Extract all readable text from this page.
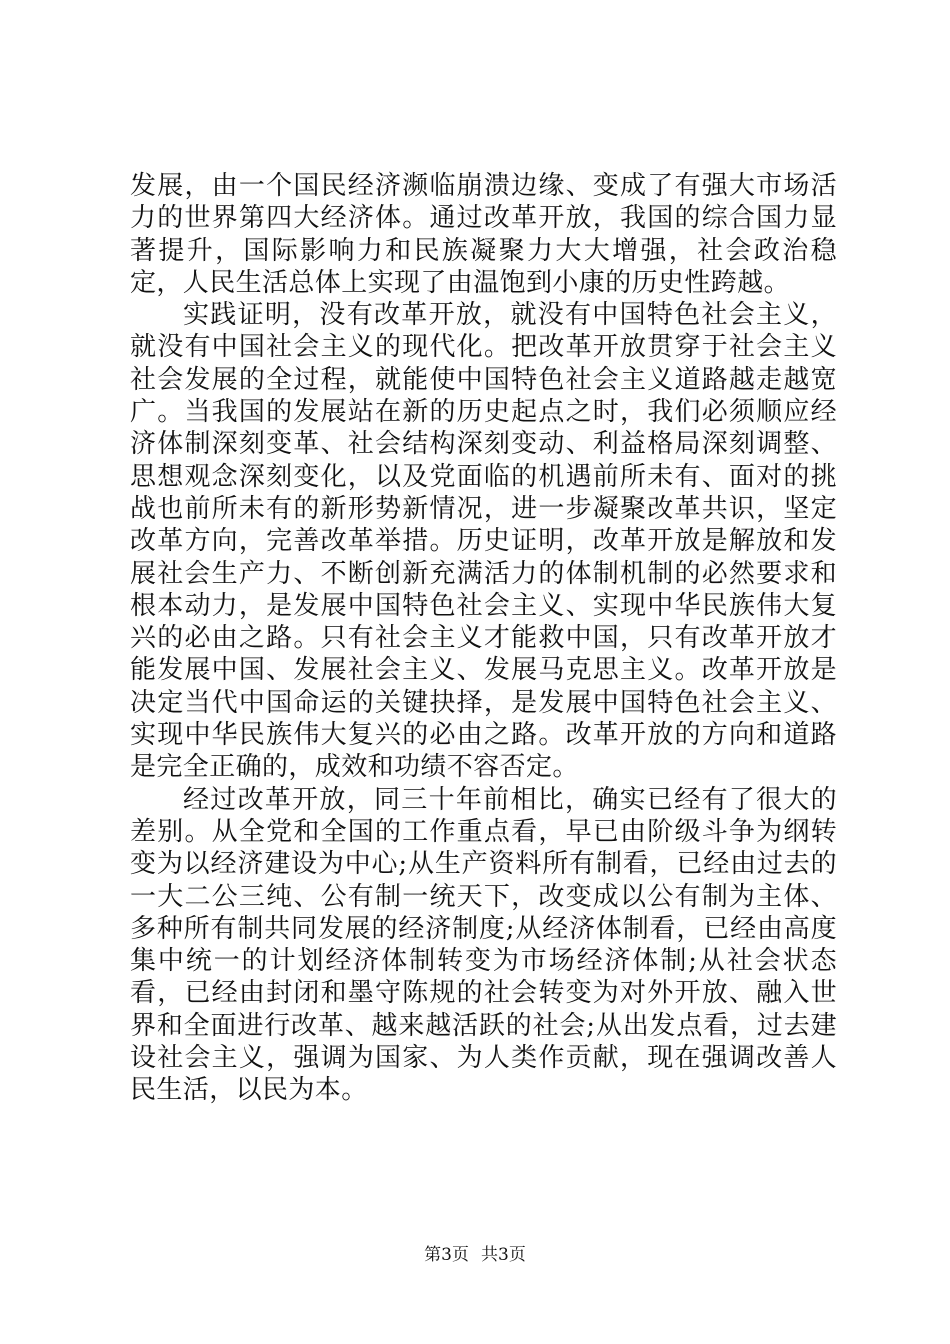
发展，由一个国民经济濒临崩溃边缘、变成了有强大市场活力的世界第四大经济体。通过改革开放，我国的综合国力显著提升，国际影响力和民族凝聚力大大增强，社会政治稳定，人民生活总体上实现了由温饱到小康的历史性跨越。

实践证明，没有改革开放，就没有中国特色社会主义，就没有中国社会主义的现代化。把改革开放贯穿于社会主义社会发展的全过程，就能使中国特色社会主义道路越走越宽广。当我国的发展站在新的历史起点之时，我们必须顺应经济体制深刻变革、社会结构深刻变动、利益格局深刻调整、思想观念深刻变化，以及党面临的机遇前所未有、面对的挑战也前所未有的新形势新情况，进一步凝聚改革共识，坚定改革方向，完善改革举措。历史证明，改革开放是解放和发展社会生产力、不断创新充满活力的体制机制的必然要求和根本动力，是发展中国特色社会主义、实现中华民族伟大复兴的必由之路。只有社会主义才能救中国，只有改革开放才能发展中国、发展社会主义、发展马克思主义。改革开放是决定当代中国命运的关键抉择，是发展中国特色社会主义、实现中华民族伟大复兴的必由之路。改革开放的方向和道路是完全正确的，成效和功绩不容否定。

经过改革开放，同三十年前相比，确实已经有了很大的差别。从全党和全国的工作重点看，早已由阶级斗争为纲转变为以经济建设为中心;从生产资料所有制看，已经由过去的一大二公三纯、公有制一统天下，改变成以公有制为主体、多种所有制共同发展的经济制度;从经济体制看，已经由高度集中统一的计划经济体制转变为市场经济体制;从社会状态看，已经由封闭和墨守陈规的社会转变为对外开放、融入世界和全面进行改革、越来越活跃的社会;从出发点看，过去建设社会主义，强调为国家、为人类作贡献，现在强调改善人民生活，以民为本。

第3页 共3页
